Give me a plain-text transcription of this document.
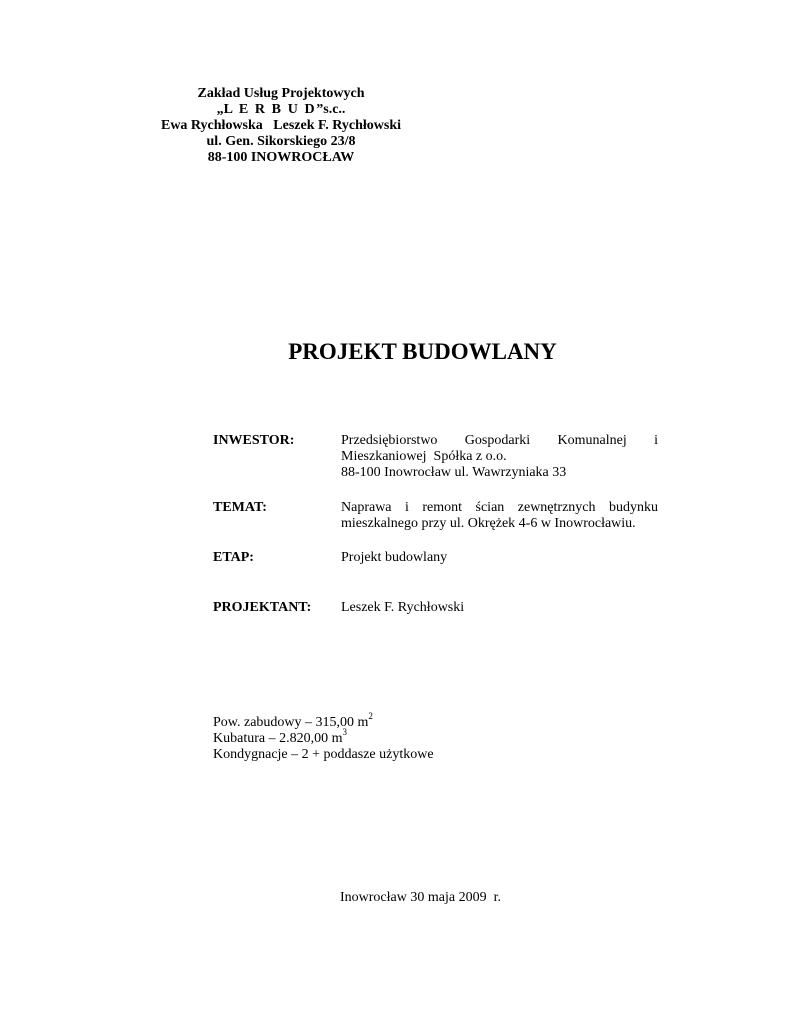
Zakład Usług Projektowych
„L E R B U D”s.c..
Ewa Rychłowska   Leszek F. Rychłowski
ul. Gen. Sikorskiego 23/8
88-100 INOWROCŁAW
PROJEKT BUDOWLANY
INWESTOR:	Przedsiębiorstwo Gospodarki Komunalnej i
Mieszkaniowej  Spółka z o.o.
88-100 Inowrocław ul. Wawrzyniaka 33
TEMAT:	Naprawa i remont ścian zewnętrznych budynku
mieszkalnego przy ul. Okrężek 4-6 w Inowrocławiu.
ETAP:	Projekt budowlany
PROJEKTANT: Leszek F. Rychłowski
Pow. zabudowy – 315,00 $m^2$
Kubatura – 2.820,00 $m^3$
Kondygnacje – 2 + poddasze użytkowe
Inowrocław 30 maja 2009  r.
